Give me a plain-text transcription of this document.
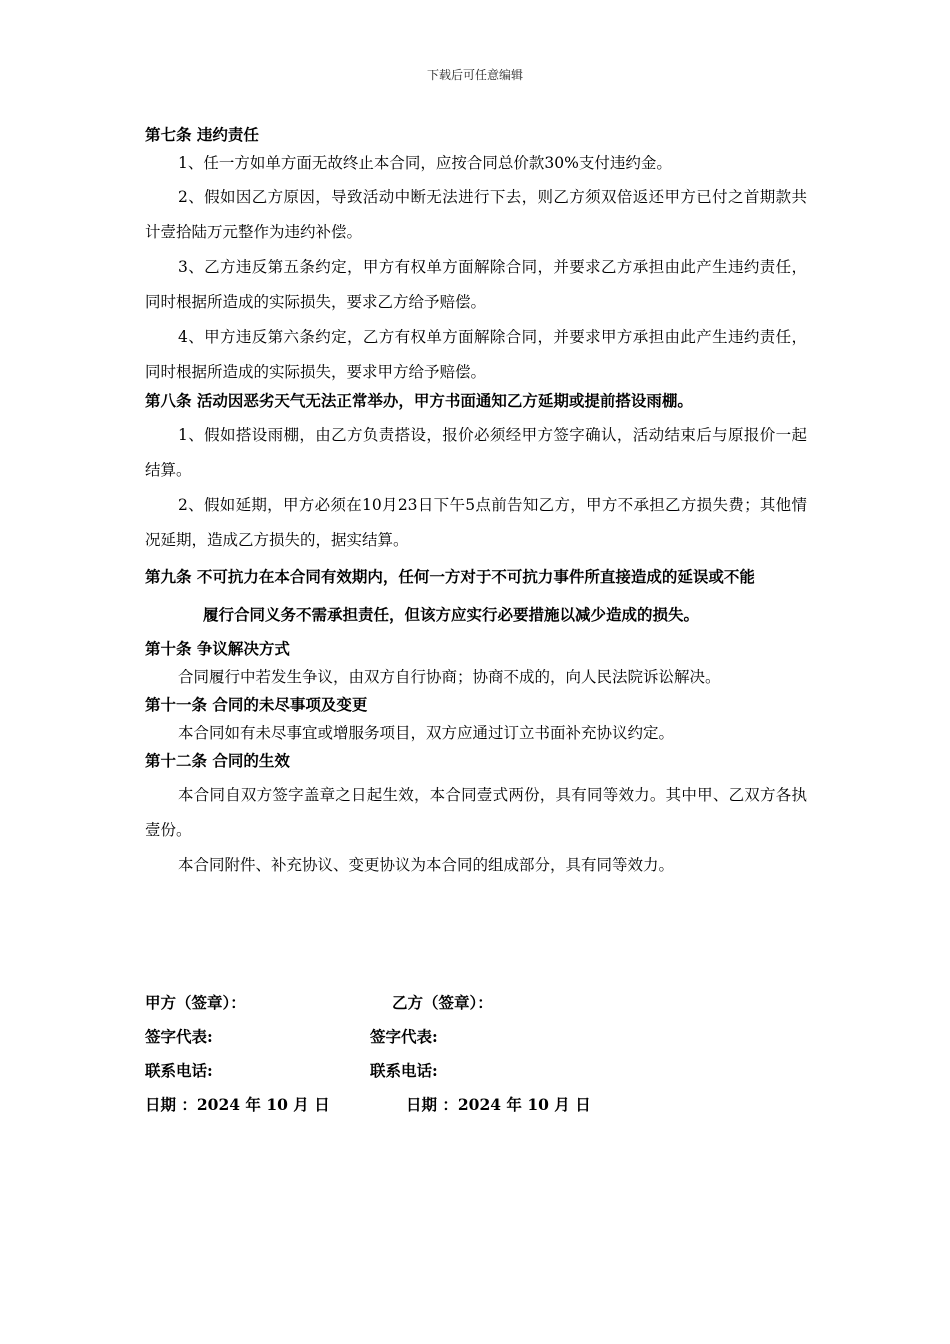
下载后可任意编辑

第七条 违约责任

1、任一方如单方面无故终止本合同，应按合同总价款30%支付违约金。

2、假如因乙方原因，导致活动中断无法进行下去，则乙方须双倍返还甲方已付之首期款共计壹拾陆万元整作为违约补偿。

3、乙方违反第五条约定，甲方有权单方面解除合同，并要求乙方承担由此产生违约责任，同时根据所造成的实际损失，要求乙方给予赔偿。

4、甲方违反第六条约定，乙方有权单方面解除合同，并要求甲方承担由此产生违约责任，同时根据所造成的实际损失，要求甲方给予赔偿。

第八条 活动因恶劣天气无法正常举办，甲方书面通知乙方延期或提前搭设雨棚。

1、假如搭设雨棚，由乙方负责搭设，报价必须经甲方签字确认，活动结束后与原报价一起结算。

2、假如延期，甲方必须在10月23日下午5点前告知乙方，甲方不承担乙方损失费；其他情况延期，造成乙方损失的，据实结算。

第九条 不可抗力在本合同有效期内，任何一方对于不可抗力事件所直接造成的延误或不能

履行合同义务不需承担责任，但该方应实行必要措施以减少造成的损失。

第十条 争议解决方式

合同履行中若发生争议，由双方自行协商；协商不成的，向人民法院诉讼解决。

第十一条 合同的未尽事项及变更

本合同如有未尽事宜或增服务项目，双方应通过订立书面补充协议约定。

第十二条 合同的生效

本合同自双方签字盖章之日起生效，本合同壹式两份，具有同等效力。其中甲、乙双方各执壹份。

本合同附件、补充协议、变更协议为本合同的组成部分，具有同等效力。

甲方（签章）：	乙方（签章）：
签字代表:	签字代表:
联系电话:	联系电话:
日期 ：2024 年 10 月 日	日期 ：2024 年 10 月 日
